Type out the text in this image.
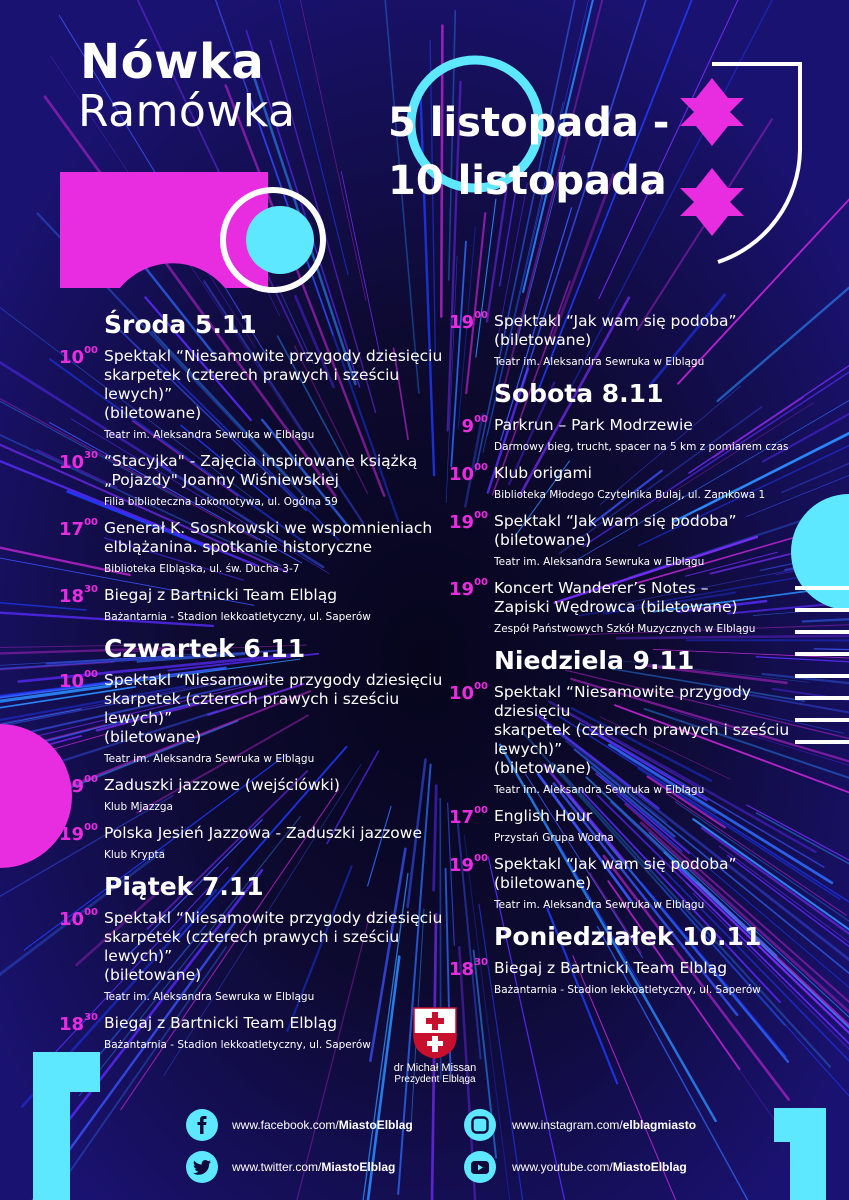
Nówka
Ramówka 5 listopada -
10 listopada
Środa 5.11
$10^{00}$ Spektakl “Niesamowite przygody dziesięciu
skarpetek (czterech prawych i sześciu lewych)”
(biletowane)
Teatr im. Aleksandra Sewruka w Elblągu
$10^{30}$ “Stacyjka" - Zajęcia inspirowane książką
„Pojazdy" Joanny Wiśniewskiej
Filia biblioteczna Lokomotywa, ul. Ogólna 59
$17^{00}$ Generał K. Sosnkowski we wspomnieniach
elblążanina. spotkanie historyczne
Biblioteka Elbląska, ul. św. Ducha 3-7
$18^{30}$ Biegaj z Bartnicki Team Elbląg
Bażantarnia - Stadion lekkoatletyczny, ul. Saperów
Czwartek 6.11
$10^{00}$ Spektakl “Niesamowite przygody dziesięciu
skarpetek (czterech prawych i sześciu lewych)”
(biletowane)
Teatr im. Aleksandra Sewruka w Elblągu
$19^{00}$ Zaduszki jazzowe (wejściówki)
Klub Mjazzga
$19^{00}$ Polska Jesień Jazzowa - Zaduszki jazzowe
Klub Krypta
Piątek 7.11
$10^{00}$ Spektakl “Niesamowite przygody dziesięciu
skarpetek (czterech prawych i sześciu lewych)”
(biletowane)
Teatr im. Aleksandra Sewruka w Elblągu
$18^{30}$ Biegaj z Bartnicki Team Elbląg
Bażantarnia - Stadion lekkoatletyczny, ul. Saperów
$19^{00}$ Spektakl “Jak wam się podoba”
(biletowane)
Teatr im. Aleksandra Sewruka w Elblągu
Sobota 8.11
$9^{00}$ Parkrun – Park Modrzewie
Darmowy bieg, trucht, spacer na 5 km z pomiarem czas
$10^{00}$ Klub origami
Biblioteka Młodego Czytelnika Bulaj, ul. Zamkowa 1
$19^{00}$ Spektakl “Jak wam się podoba”
(biletowane)
Teatr im. Aleksandra Sewruka w Elblągu
$19^{00}$ Koncert Wanderer’s Notes –
Zapiski Wędrowca (biletowane)
Zespół Państwowych Szkół Muzycznych w Elblągu
Niedziela 9.11
$10^{00}$ Spektakl “Niesamowite przygody dziesięciu
skarpetek (czterech prawych i sześciu lewych)”
(biletowane)
Teatr im. Aleksandra Sewruka w Elblągu
$17^{00}$ English Hour
Przystań Grupa Wodna
$19^{00}$ Spektakl “Jak wam się podoba”
(biletowane)
Teatr im. Aleksandra Sewruka w Elblągu
Poniedziałek 10.11
$18^{30}$ Biegaj z Bartnicki Team Elbląg
Bażantarnia - Stadion lekkoatletyczny, ul. Saperów
dr Michał Missan
Prezydent Elbląga
www.facebook.com/MiastoElblag
www.twitter.com/MiastoElblag
www.instagram.com/elblagmiasto
www.youtube.com/MiastoElblag
